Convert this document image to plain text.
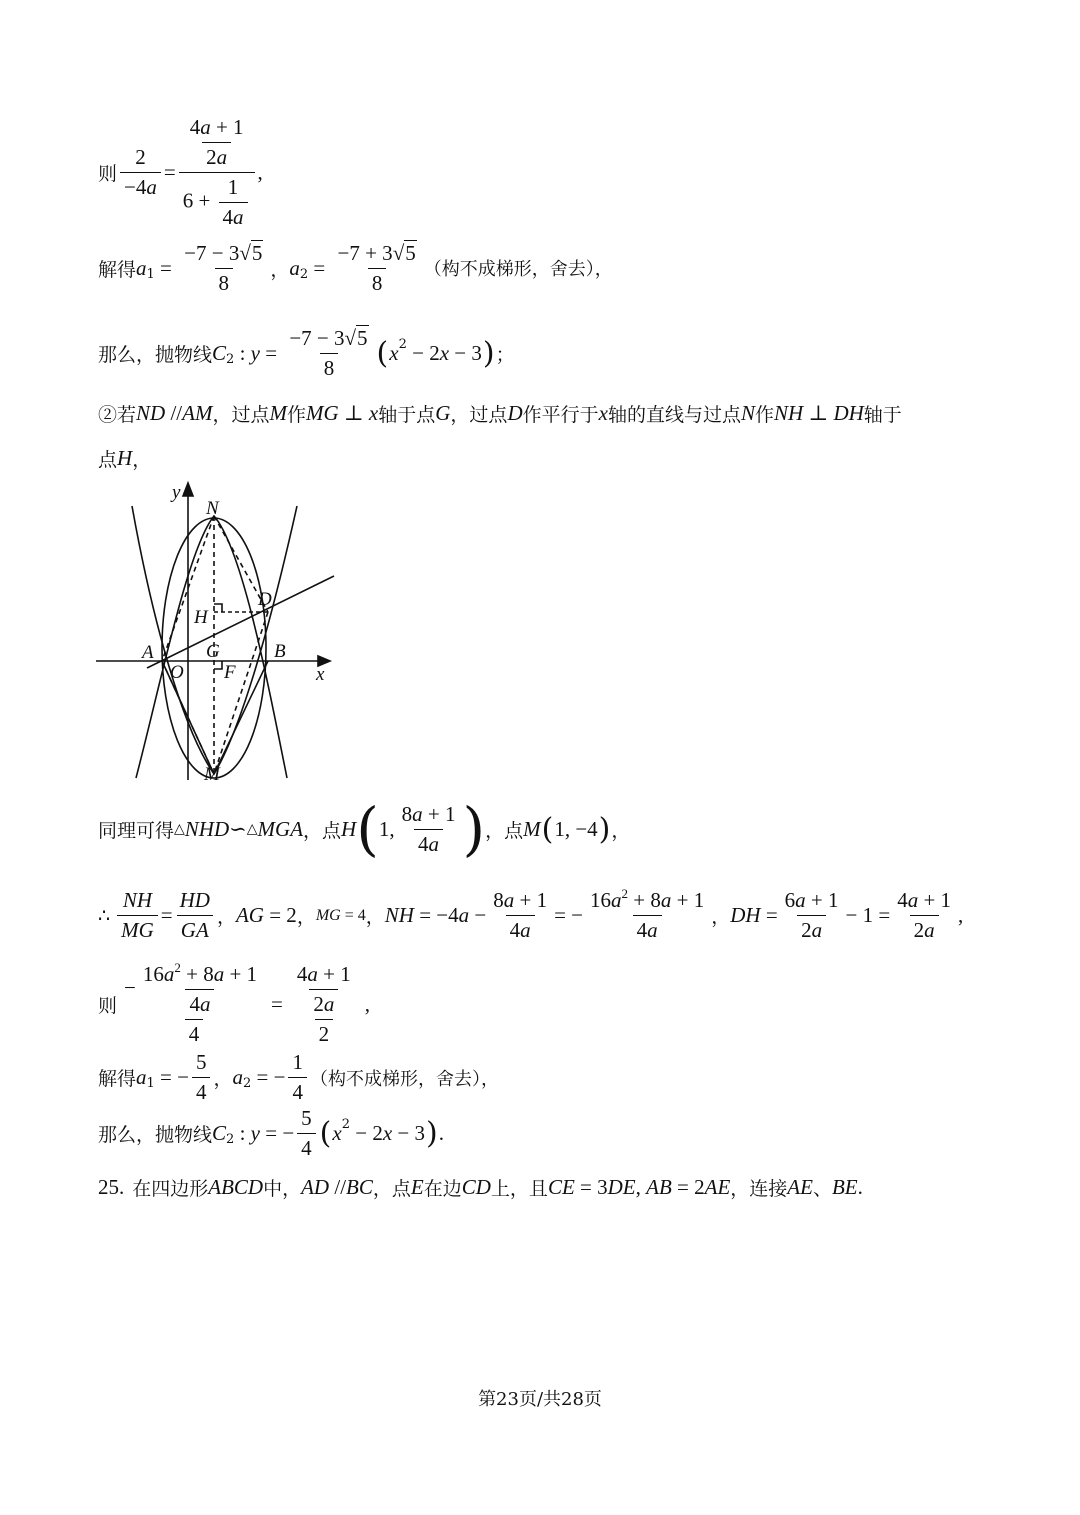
则 $\frac{2}{-4a} = \frac{\frac{4a + 1}{2a}}{6 + \frac{1}{4a}}$ ,
解得 a $1 = \frac{-7 - 3√ 5}{8}$ ， a $2 = \frac{-7 + 3√ 5}{8}$ （构不成梯形，舍去），
那么，抛物线 C 2 : $y = \frac{-7 - 3√ 5}{8}$ ( x 2 − 2 x − 3 ) ；
②若 ND // AM ，过点 M 作 MG ⊥ x 轴于点 G ，过点 D 作平行于 x 轴的直线与过点 N 作 NH ⊥ DH 轴于
点 H ，
y
N
H
D
A
O
G
F
B
x
M
同理可得 △ NHD ∽ △ MGA ，点 H ( 1, $\frac{8a + 1}{4a}$ ) ，点 M ( 1, −4 ) ，
∴ $\frac{NH}{MG} = \frac{HD}{GA}$ ， AG = 2 ， MG = 4 ， NH = −4 $a - \frac{8a + 1}{4a}$ = − $\frac{16a^2 + 8a + 1}{4a}$ ， DH = $\frac{6a + 1}{2a} - 1 = \frac{4a + 1}{2a}$ ,
则 $\frac{- \frac{16a^2 + 8a + 1}{4a}}{4} = \frac{\frac{4a + 1}{2a}}{2}$ ,
解得 a 1 = − $\frac{5}{4}$ ， a 2 = − $\frac{1}{4}$ （构不成梯形，舍去），
那么，抛物线 C 2 : y = − $\frac{5}{4}$ ( x 2 − 2 x − 3 ) .
25. 在四边形 ABCD 中， AD // BC ，点 E 在边 CD 上，且 CE = 3 DE , AB = 2 AE ，连接 AE 、 BE .
第23页/共28页
